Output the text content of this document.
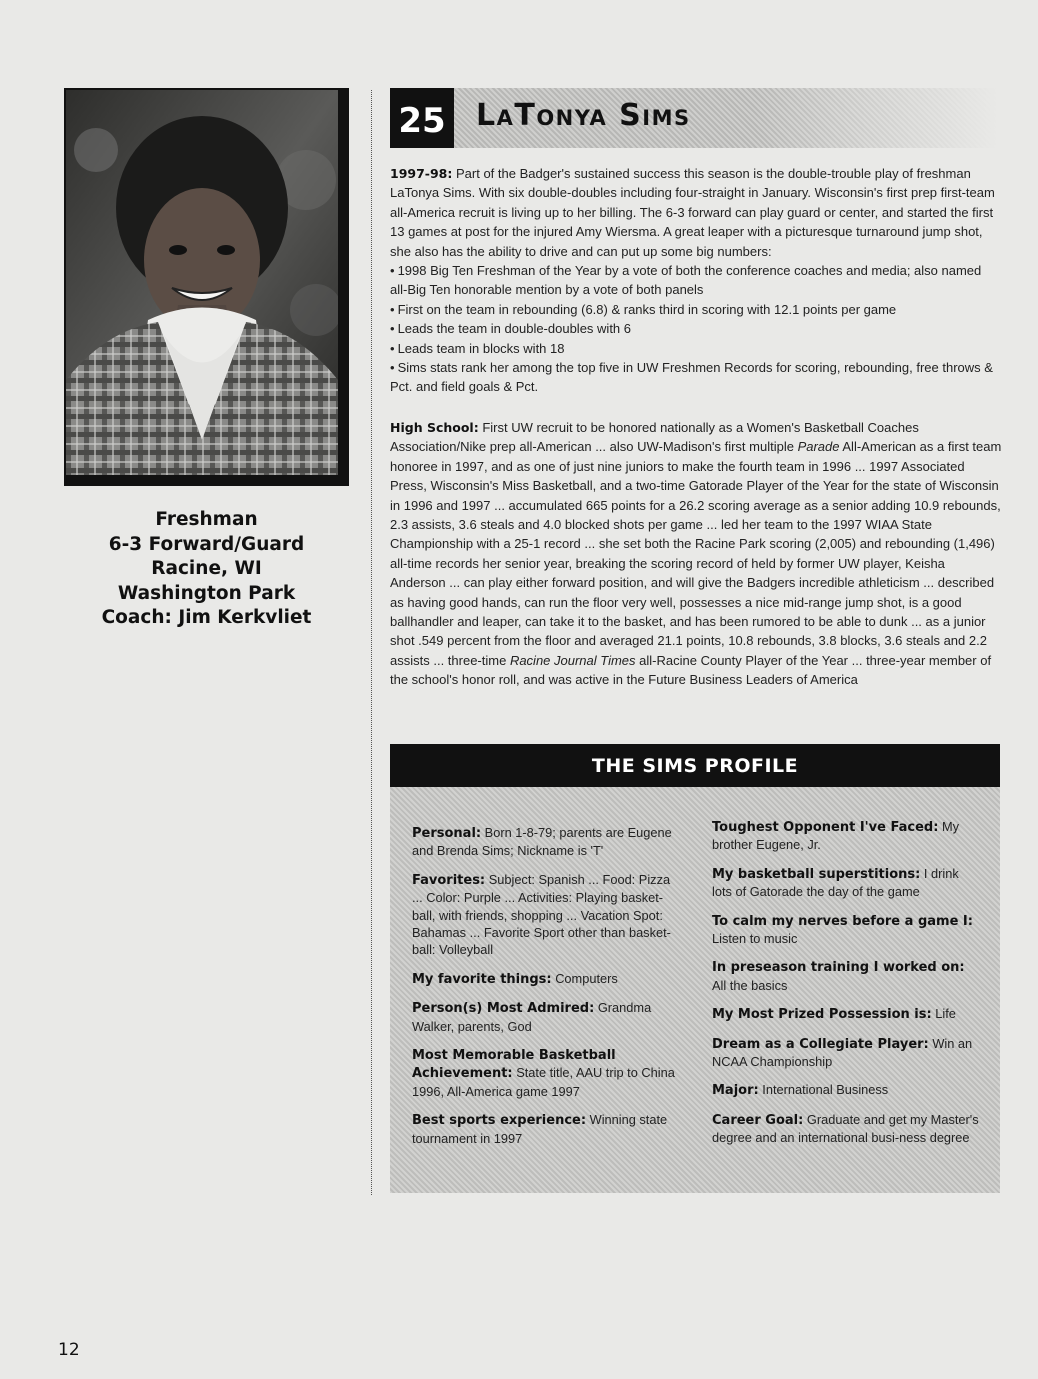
Freshman
6-3 Forward/Guard
Racine, WI
Washington Park
Coach: Jim Kerkvliet
25 LaTonya Sims

1997-98: Part of the Badger's sustained success this season is the double-trouble play of freshman LaTonya Sims. With six double-doubles including four-straight in January. Wisconsin's first prep first-team all-America recruit is living up to her billing. The 6-3 forward can play guard or center, and started the first 13 games at post for the injured Amy Wiersma. A great leaper with a picturesque turnaround jump shot, she also has the ability to drive and can put up some big numbers:

• 1998 Big Ten Freshman of the Year by a vote of both the conference coaches and media; also named all-Big Ten honorable mention by a vote of both panels

• First on the team in rebounding (6.8) & ranks third in scoring with 12.1 points per game

• Leads the team in double-doubles with 6

• Leads team in blocks with 18

• Sims stats rank her among the top five in UW Freshmen Records for scoring, rebounding, free throws & Pct. and field goals & Pct.

High School: First UW recruit to be honored nationally as a Women's Basketball Coaches Association/Nike prep all-American ... also UW-Madison's first multiple Parade All-American as a first team honoree in 1997, and as one of just nine juniors to make the fourth team in 1996 ... 1997 Associated Press, Wisconsin's Miss Basketball, and a two-time Gatorade Player of the Year for the state of Wisconsin in 1996 and 1997 ... accumulated 665 points for a 26.2 scoring average as a senior adding 10.9 rebounds, 2.3 assists, 3.6 steals and 4.0 blocked shots per game ... led her team to the 1997 WIAA State Championship with a 25-1 record ... she set both the Racine Park scoring (2,005) and rebounding (1,496) all-time records her senior year, breaking the scoring record of held by former UW player, Keisha Anderson ... can play either forward position, and will give the Badgers incredible athleticism ... described as having good hands, can run the floor very well, possesses a nice mid-range jump shot, is a good ballhandler and leaper, can take it to the basket, and has been rumored to be able to dunk ... as a junior shot .549 percent from the floor and averaged 21.1 points, 10.8 rebounds, 3.8 blocks, 3.6 steals and 2.2 assists ... three-time Racine Journal Times all-Racine County Player of the Year ... three-year member of the school's honor roll, and was active in the Future Business Leaders of America

THE SIMS PROFILE
Personal: Born 1-8-79; parents are Eugene and Brenda Sims; Nickname is 'T'
Favorites: Subject: Spanish ... Food: Pizza ... Color: Purple ... Activities: Playing basket-ball, with friends, shopping ... Vacation Spot: Bahamas ... Favorite Sport other than basket-ball: Volleyball
My favorite things: Computers
Person(s) Most Admired: Grandma Walker, parents, God
Most Memorable Basketball Achievement: State title, AAU trip to China 1996, All-America game 1997
Best sports experience: Winning state tournament in 1997
Toughest Opponent I've Faced: My brother Eugene, Jr.
My basketball superstitions: I drink lots of Gatorade the day of the game
To calm my nerves before a game I: Listen to music
In preseason training I worked on: All the basics
My Most Prized Possession is: Life
Dream as a Collegiate Player: Win an NCAA Championship
Major: International Business
Career Goal: Graduate and get my Master's degree and an international busi-ness degree
12
